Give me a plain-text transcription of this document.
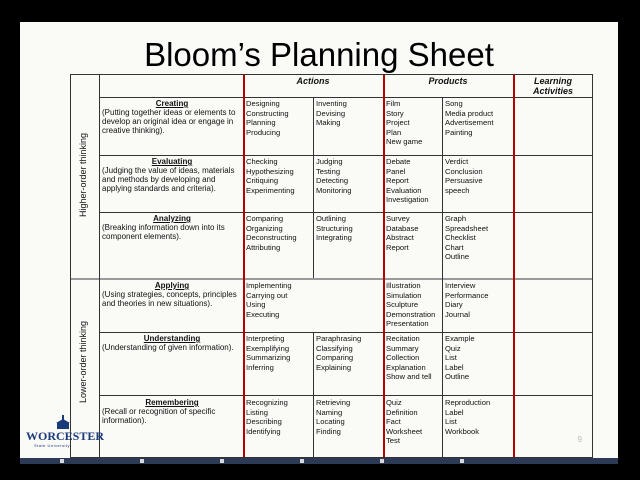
Bloom’s Planning Sheet
Actions	Products	Learning Activities
Higher-order thinking
Lower-order thinking
Creating
(Putting together ideas or elements to develop an original idea or engage in creative thinking).
Designing
Constructing
Planning
Producing
Inventing
Devising
Making
Film
Story
Project
Plan
New game
Song
Media product
Advertisement
Painting
Evaluating
(Judging the value of ideas, materials and methods by developing and applying standards and criteria).
Checking
Hypothesizing
Critiquing
Experimenting
Judging
Testing
Detecting
Monitoring
Debate
Panel
Report
Evaluation
Investigation
Verdict
Conclusion
Persuasive
speech
Analyzing
(Breaking information down into its component elements).
Comparing
Organizing
Deconstructing
Attributing
Outlining
Structuring
Integrating
Survey
Database
Abstract
Report
Graph
Spreadsheet
Checklist
Chart
Outline
Applying
(Using strategies, concepts, principles and theories in new situations).
Implementing
Carrying out
Using
Executing
Illustration
Simulation
Sculpture
Demonstration
Presentation
Interview
Performance
Diary
Journal
Understanding
(Understanding of given information).
Interpreting
Exemplifying
Summarizing
Inferring
Paraphrasing
Classifying
Comparing
Explaining
Recitation
Summary
Collection
Explanation
Show and tell
Example
Quiz
List
Label
Outline
Remembering
(Recall or recognition of specific information).
Recognizing
Listing
Describing
Identifying
Retrieving
Naming
Locating
Finding
Quiz
Definition
Fact
Worksheet
Test
Reproduction
Label
List
Workbook
WORCESTER
State University
9
